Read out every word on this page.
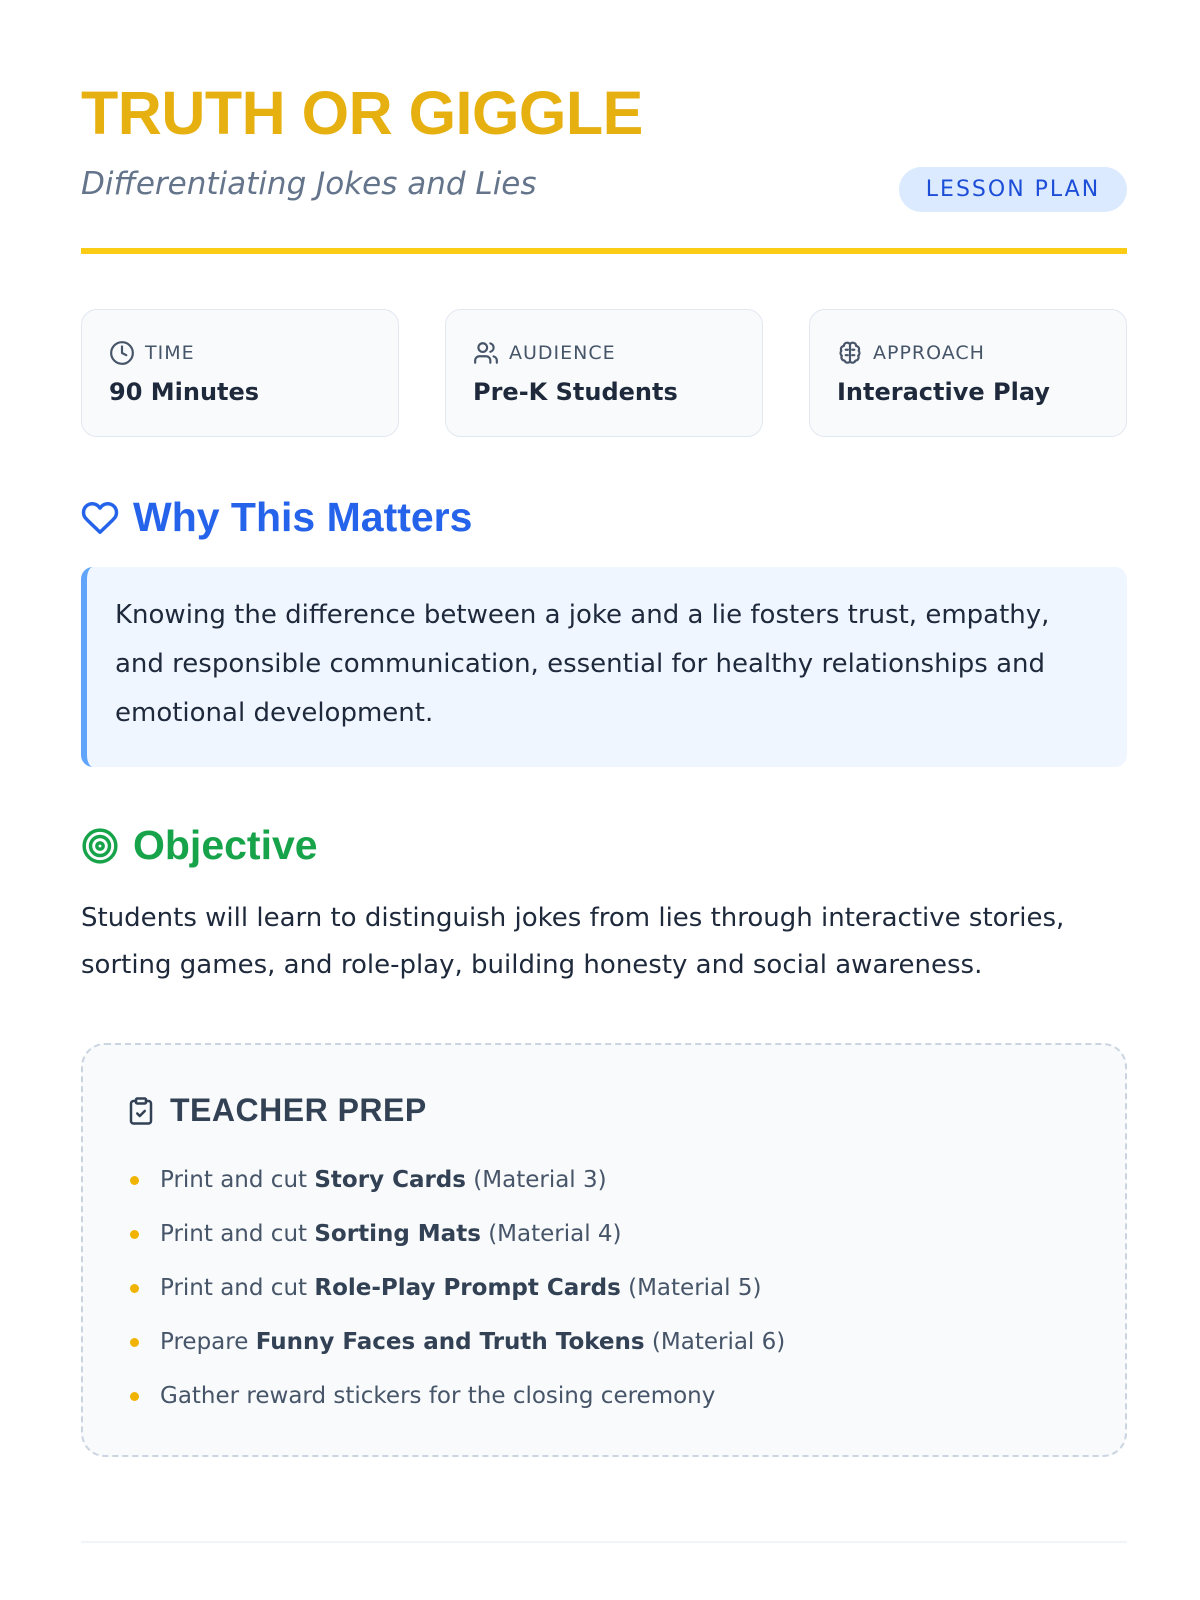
TRUTH OR GIGGLE
Differentiating Jokes and Lies	LESSON PLAN
TIME
90 Minutes
AUDIENCE
Pre-K Students
APPROACH
Interactive Play
Why This Matters

Knowing the difference between a joke and a lie fosters trust, empathy, and responsible communication, essential for healthy relationships and emotional development.

Objective

Students will learn to distinguish jokes from lies through interactive stories, sorting games, and role-play, building honesty and social awareness.

TEACHER PREP
Print and cut Story Cards (Material 3)
Print and cut Sorting Mats (Material 4)
Print and cut Role-Play Prompt Cards (Material 5)
Prepare Funny Faces and Truth Tokens (Material 6)
Gather reward stickers for the closing ceremony
